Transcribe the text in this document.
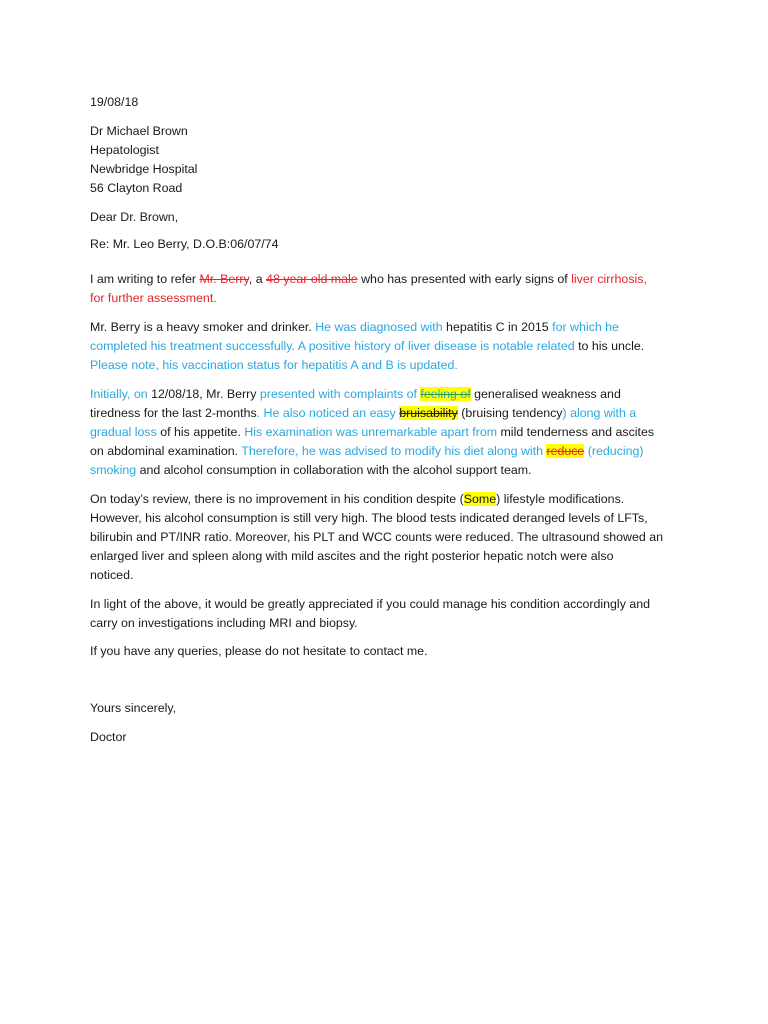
19/08/18
Dr Michael Brown
Hepatologist
Newbridge Hospital
56 Clayton Road
Dear Dr. Brown,
Re: Mr. Leo Berry, D.O.B:06/07/74
I am writing to refer Mr. Berry, a 48 year old male who has presented with early signs of liver cirrhosis,
for further assessment.
Mr. Berry is a heavy smoker and drinker. He was diagnosed with hepatitis C in 2015 for which he
completed his treatment successfully. A positive history of liver disease is notable related to his uncle.
Please note, his vaccination status for hepatitis A and B is updated.
Initially, on 12/08/18, Mr. Berry presented with complaints of feeling of generalised weakness and
tiredness for the last 2-months. He also noticed an easy bruisability (bruising tendency) along with a
gradual loss of his appetite. His examination was unremarkable apart from mild tenderness and ascites
on abdominal examination. Therefore, he was advised to modify his diet along with reduce (reducing)
smoking and alcohol consumption in collaboration with the alcohol support team.
On today’s review, there is no improvement in his condition despite (Some) lifestyle modifications.
However, his alcohol consumption is still very high. The blood tests indicated deranged levels of LFTs,
bilirubin and PT/INR ratio. Moreover, his PLT and WCC counts were reduced. The ultrasound showed an
enlarged liver and spleen along with mild ascites and the right posterior hepatic notch were also
noticed.
In light of the above, it would be greatly appreciated if you could manage his condition accordingly and
carry on investigations including MRI and biopsy.
If you have any queries, please do not hesitate to contact me.
Yours sincerely,
Doctor
